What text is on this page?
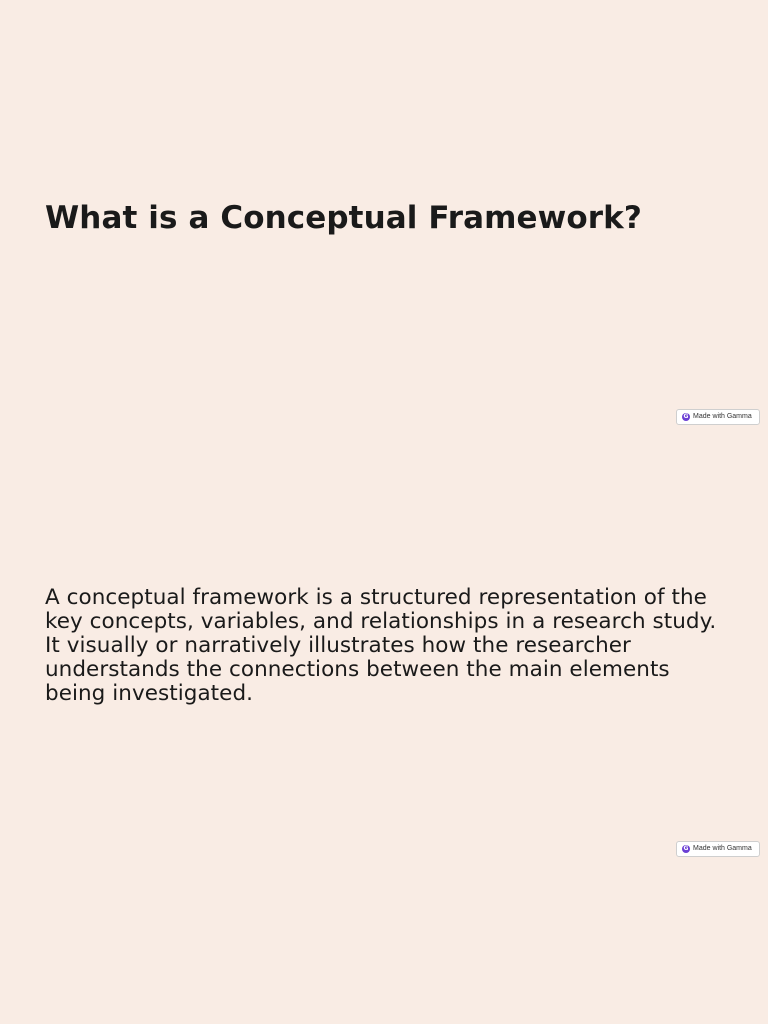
What is a Conceptual Framework?
G Made with Gamma

A conceptual framework is a structured representation of the key concepts, variables, and relationships in a research study. It visually or narratively illustrates how the researcher understands the connections between the main elements being investigated.

G Made with Gamma
